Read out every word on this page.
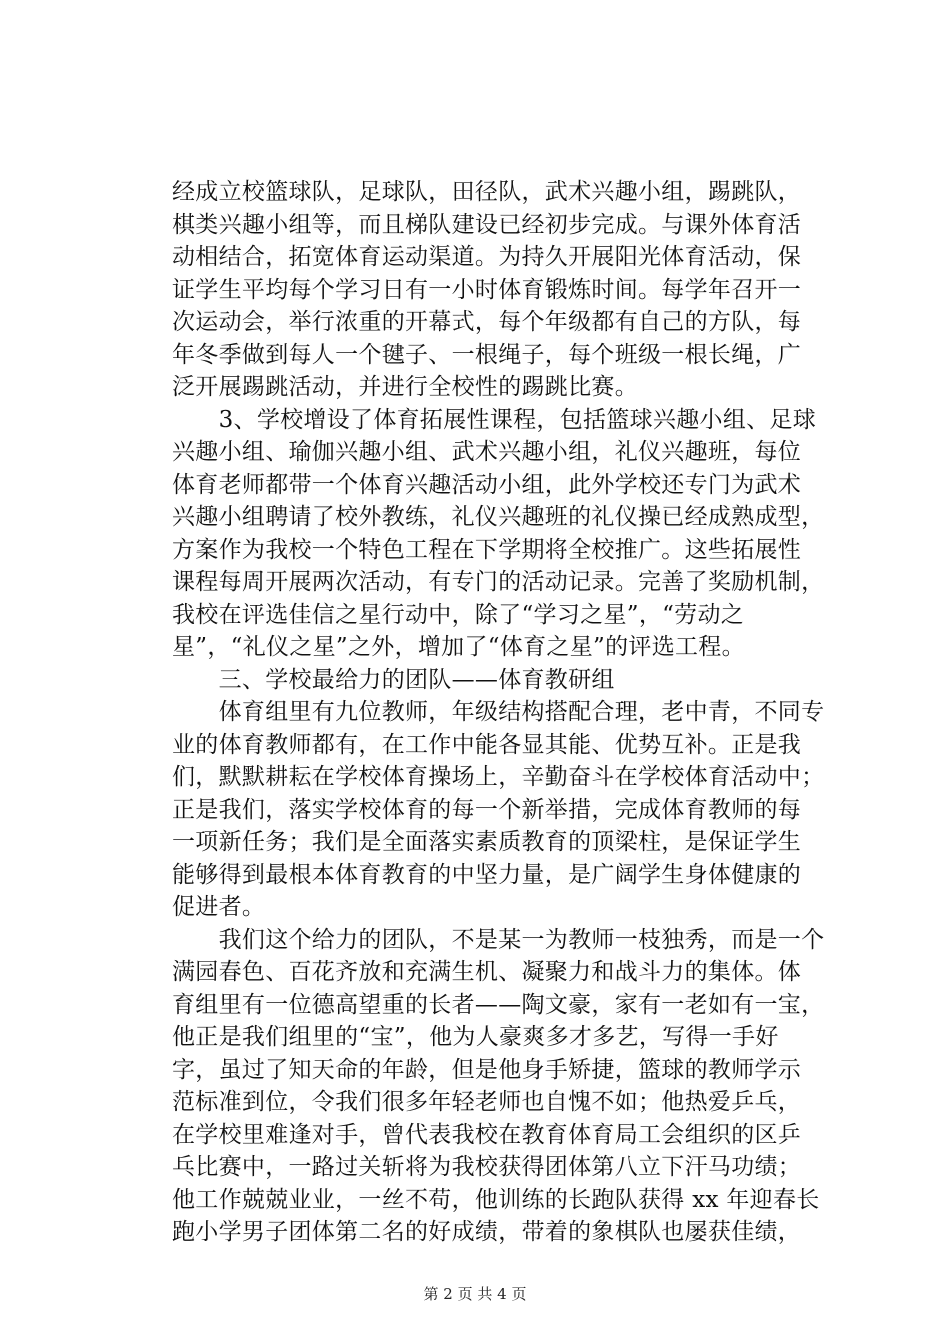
经成立校篮球队，足球队，田径队，武术兴趣小组，踢跳队，
棋类兴趣小组等，而且梯队建设已经初步完成。与课外体育活
动相结合，拓宽体育运动渠道。为持久开展阳光体育活动，保
证学生平均每个学习日有一小时体育锻炼时间。每学年召开一
次运动会，举行浓重的开幕式，每个年级都有自己的方队，每
年冬季做到每人一个毽子、一根绳子，每个班级一根长绳，广
泛开展踢跳活动，并进行全校性的踢跳比赛。
　　3、学校增设了体育拓展性课程，包括篮球兴趣小组、足球
兴趣小组、瑜伽兴趣小组、武术兴趣小组，礼仪兴趣班，每位
体育老师都带一个体育兴趣活动小组，此外学校还专门为武术
兴趣小组聘请了校外教练，礼仪兴趣班的礼仪操已经成熟成型，
方案作为我校一个特色工程在下学期将全校推广。这些拓展性
课程每周开展两次活动，有专门的活动记录。完善了奖励机制，
我校在评选佳信之星行动中，除了“学习之星”，“劳动之
星”，“礼仪之星”之外，增加了“体育之星”的评选工程。
　　三、学校最给力的团队——体育教研组
　　体育组里有九位教师，年级结构搭配合理，老中青，不同专
业的体育教师都有，在工作中能各显其能、优势互补。正是我
们，默默耕耘在学校体育操场上，辛勤奋斗在学校体育活动中；
正是我们，落实学校体育的每一个新举措，完成体育教师的每
一项新任务；我们是全面落实素质教育的顶梁柱，是保证学生
能够得到最根本体育教育的中坚力量，是广阔学生身体健康的
促进者。
　　我们这个给力的团队，不是某一为教师一枝独秀，而是一个
满园春色、百花齐放和充满生机、凝聚力和战斗力的集体。体
育组里有一位德高望重的长者——陶文豪，家有一老如有一宝，
他正是我们组里的“宝”，他为人豪爽多才多艺，写得一手好
字，虽过了知天命的年龄，但是他身手矫捷，篮球的教师学示
范标准到位，令我们很多年轻老师也自愧不如；他热爱乒乓，
在学校里难逢对手，曾代表我校在教育体育局工会组织的区乒
乓比赛中，一路过关斩将为我校获得团体第八立下汗马功绩；
他工作兢兢业业，一丝不苟，他训练的长跑队获得 xx 年迎春长
跑小学男子团体第二名的好成绩，带着的象棋队也屡获佳绩，
第 2 页 共 4 页
